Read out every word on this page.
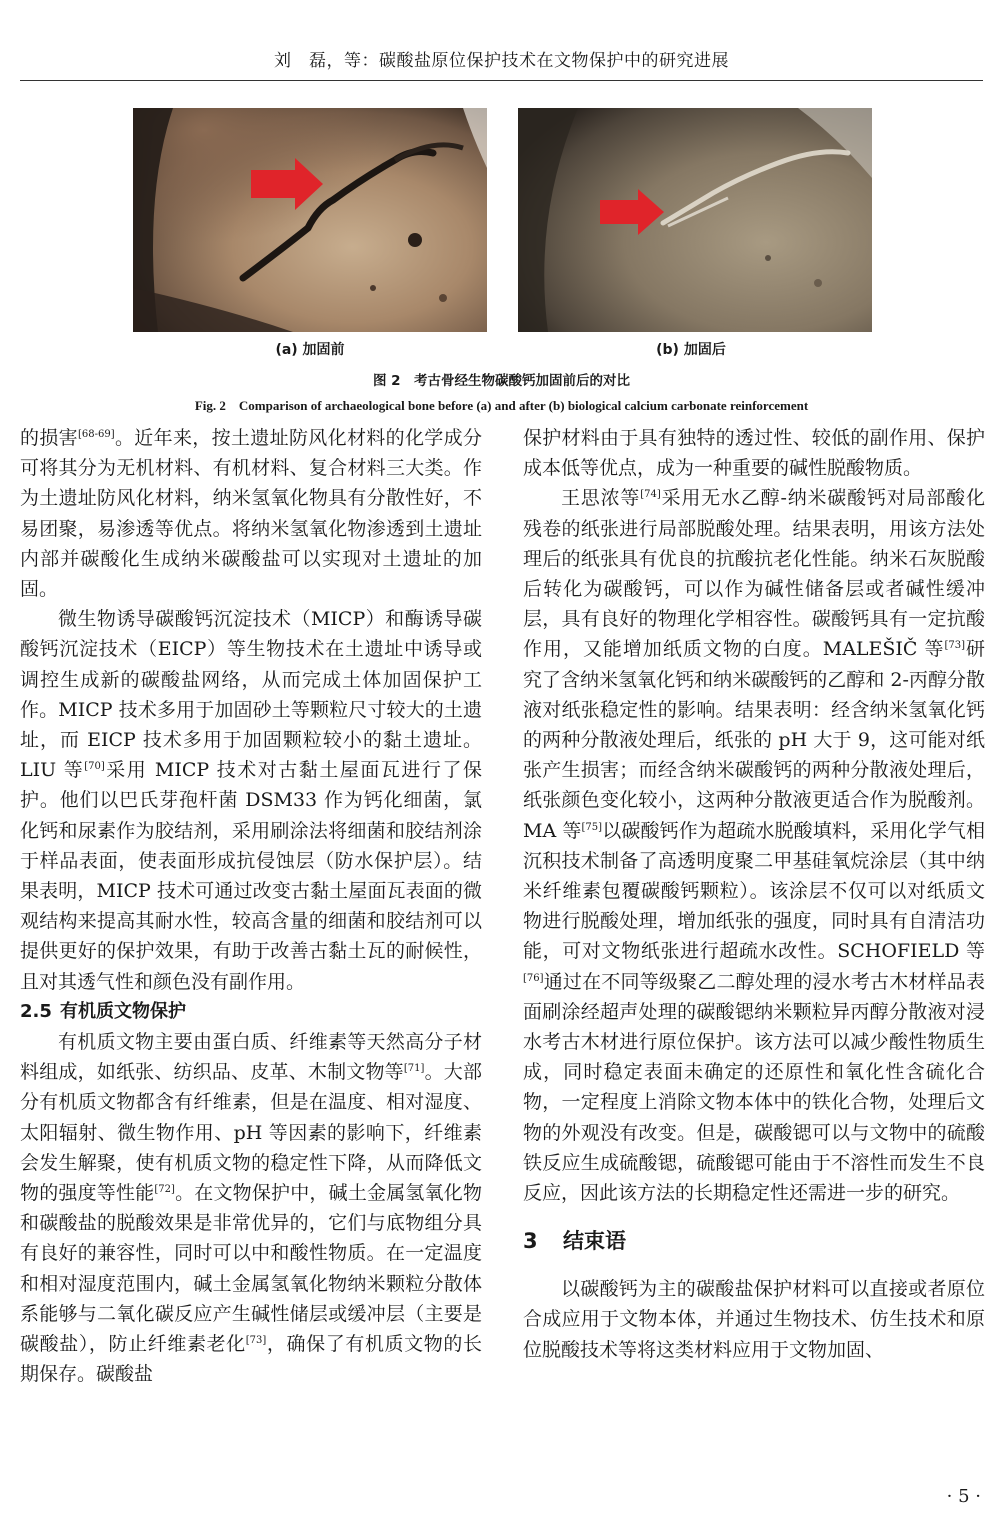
刘　磊，等：碳酸盐原位保护技术在文物保护中的研究进展
(a) 加固前	(b) 加固后
图 2　考古骨经生物碳酸钙加固前后的对比
Fig. 2　Comparison of archaeological bone before (a) and after (b) biological calcium carbonate reinforcement

的损害[68-69]。近年来，按土遗址防风化材料的化学成分可将其分为无机材料、有机材料、复合材料三大类。作为土遗址防风化材料，纳米氢氧化物具有分散性好，不易团聚，易渗透等优点。将纳米氢氧化物渗透到土遗址内部并碳酸化生成纳米碳酸盐可以实现对土遗址的加固。

微生物诱导碳酸钙沉淀技术（MICP）和酶诱导碳酸钙沉淀技术（EICP）等生物技术在土遗址中诱导或调控生成新的碳酸盐网络，从而完成土体加固保护工作。MICP 技术多用于加固砂土等颗粒尺寸较大的土遗址，而 EICP 技术多用于加固颗粒较小的黏土遗址。LIU 等[70]采用 MICP 技术对古黏土屋面瓦进行了保护。他们以巴氏芽孢杆菌 DSM33 作为钙化细菌，氯化钙和尿素作为胶结剂，采用刷涂法将细菌和胶结剂涂于样品表面，使表面形成抗侵蚀层（防水保护层）。结果表明，MICP 技术可通过改变古黏土屋面瓦表面的微观结构来提高其耐水性，较高含量的细菌和胶结剂可以提供更好的保护效果，有助于改善古黏土瓦的耐候性，且对其透气性和颜色没有副作用。

2.5 有机质文物保护

有机质文物主要由蛋白质、纤维素等天然高分子材料组成，如纸张、纺织品、皮革、木制文物等[71]。大部分有机质文物都含有纤维素，但是在温度、相对湿度、太阳辐射、微生物作用、pH 等因素的影响下，纤维素会发生解聚，使有机质文物的稳定性下降，从而降低文物的强度等性能[72]。在文物保护中，碱土金属氢氧化物和碳酸盐的脱酸效果是非常优异的，它们与底物组分具有良好的兼容性，同时可以中和酸性物质。在一定温度和相对湿度范围内，碱土金属氢氧化物纳米颗粒分散体系能够与二氧化碳反应产生碱性储层或缓冲层（主要是碳酸盐），防止纤维素老化[73]，确保了有机质文物的长期保存。碳酸盐

保护材料由于具有独特的透过性、较低的副作用、保护成本低等优点，成为一种重要的碱性脱酸物质。

王思浓等[74]采用无水乙醇-纳米碳酸钙对局部酸化残卷的纸张进行局部脱酸处理。结果表明，用该方法处理后的纸张具有优良的抗酸抗老化性能。纳米石灰脱酸后转化为碳酸钙，可以作为碱性储备层或者碱性缓冲层，具有良好的物理化学相容性。碳酸钙具有一定抗酸作用，又能增加纸质文物的白度。MALEŠIČ 等[73]研究了含纳米氢氧化钙和纳米碳酸钙的乙醇和 2-丙醇分散液对纸张稳定性的影响。结果表明：经含纳米氢氧化钙的两种分散液处理后，纸张的 pH 大于 9，这可能对纸张产生损害；而经含纳米碳酸钙的两种分散液处理后，纸张颜色变化较小，这两种分散液更适合作为脱酸剂。MA 等[75]以碳酸钙作为超疏水脱酸填料，采用化学气相沉积技术制备了高透明度聚二甲基硅氧烷涂层（其中纳米纤维素包覆碳酸钙颗粒）。该涂层不仅可以对纸质文物进行脱酸处理，增加纸张的强度，同时具有自清洁功能，可对文物纸张进行超疏水改性。SCHOFIELD 等[76]通过在不同等级聚乙二醇处理的浸水考古木材样品表面刷涂经超声处理的碳酸锶纳米颗粒异丙醇分散液对浸水考古木材进行原位保护。该方法可以减少酸性物质生成，同时稳定表面未确定的还原性和氧化性含硫化合物，一定程度上消除文物本体中的铁化合物，处理后文物的外观没有改变。但是，碳酸锶可以与文物中的硫酸铁反应生成硫酸锶，硫酸锶可能由于不溶性而发生不良反应，因此该方法的长期稳定性还需进一步的研究。

3 结束语

以碳酸钙为主的碳酸盐保护材料可以直接或者原位合成应用于文物本体，并通过生物技术、仿生技术和原位脱酸技术等将这类材料应用于文物加固、

· 5 ·
